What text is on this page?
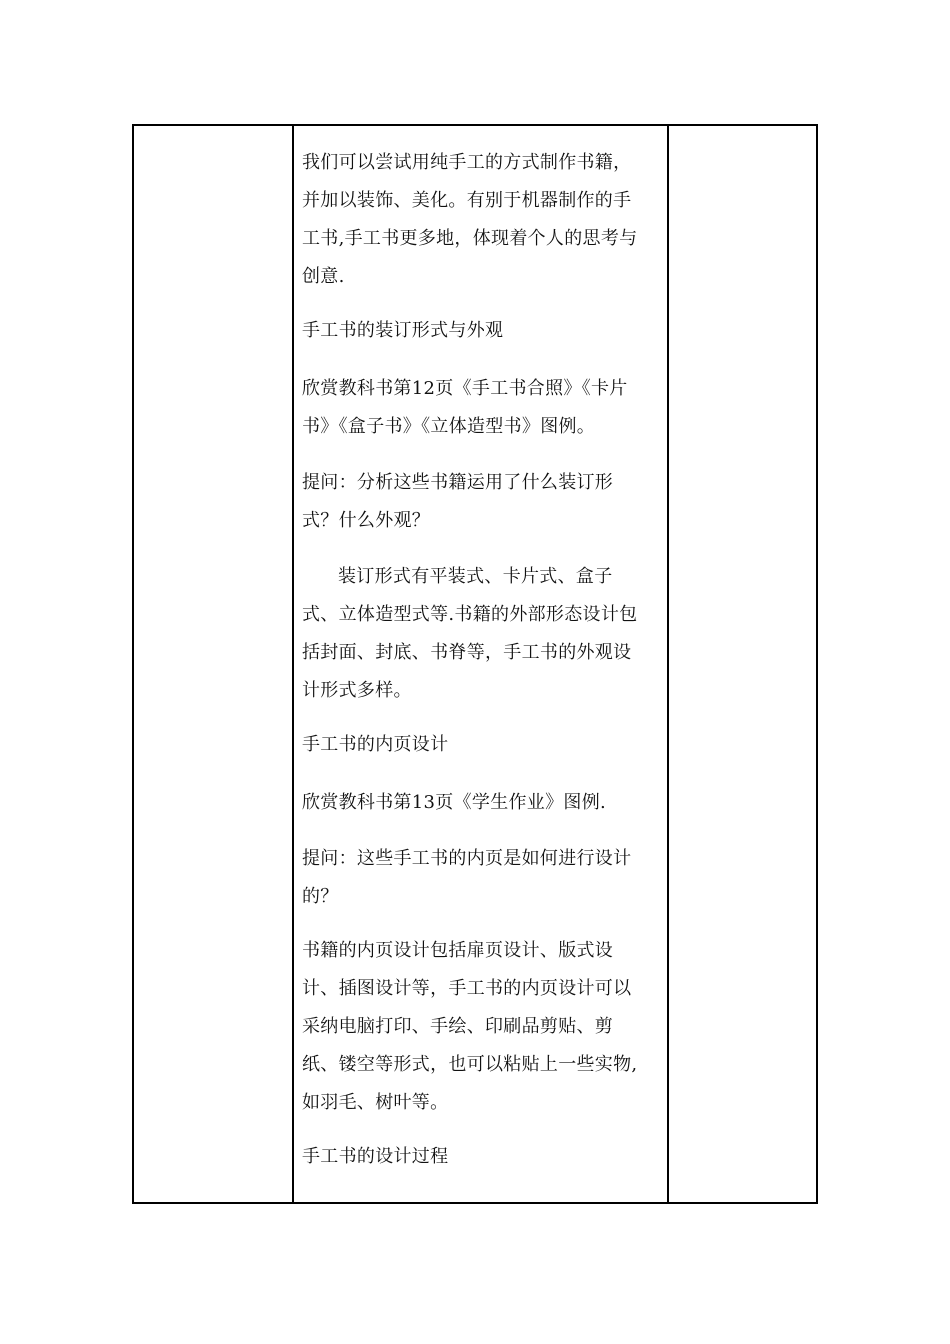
我们可以尝试用纯手工的方式制作书籍，
并加以装饰、美化。有别于机器制作的手
工书,手工书更多地，体现着个人的思考与
创意.
手工书的装订形式与外观
欣赏教科书第12页《手工书合照》《卡片
书》《盒子书》《立体造型书》图例。
提问：分析这些书籍运用了什么装订形
式？什么外观？
装订形式有平装式、卡片式、盒子
式、立体造型式等.书籍的外部形态设计包
括封面、封底、书脊等，手工书的外观设
计形式多样。
手工书的内页设计
欣赏教科书第13页《学生作业》图例.
提问：这些手工书的内页是如何进行设计
的？
书籍的内页设计包括扉页设计、版式设
计、插图设计等，手工书的内页设计可以
采纳电脑打印、手绘、印刷品剪贴、剪
纸、镂空等形式，也可以粘贴上一些实物,
如羽毛、树叶等。
手工书的设计过程
